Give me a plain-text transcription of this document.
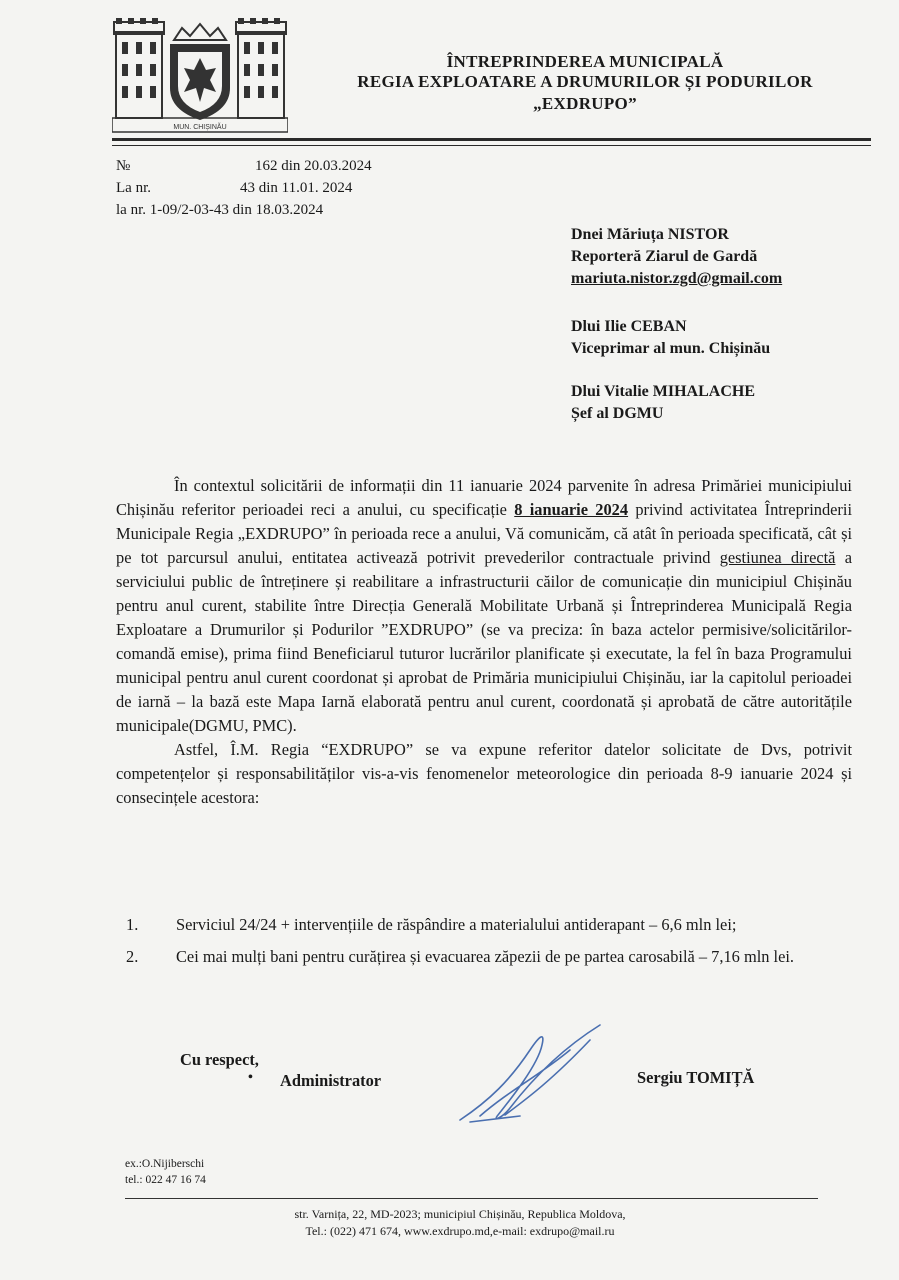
MUN. CHIȘINĂU
ÎNTREPRINDEREA MUNICIPALĂ
REGIA EXPLOATARE A DRUMURILOR ȘI PODURILOR
„EXDRUPO”
№	162 din 20.03.2024
La nr.	43 din 11.01. 2024
la nr. 1-09/2-03-43 din 18.03.2024
Dnei Măriuța NISTOR
Reporteră Ziarul de Gardă
mariuta.nistor.zgd@gmail.com
Dlui Ilie CEBAN
Viceprimar al mun. Chișinău
Dlui Vitalie MIHALACHE
Șef al DGMU

În contextul solicitării de informații din 11 ianuarie 2024 parvenite în adresa Primăriei municipiului Chișinău referitor perioadei reci a anului, cu specificație 8 ianuarie 2024 privind activitatea Întreprinderii Municipale Regia „EXDRUPO” în perioada rece a anului, Vă comunicăm, că atât în perioada specificată, cât și pe tot parcursul anului, entitatea activează potrivit prevederilor contractuale privind gestiunea directă a serviciului public de întreținere și reabilitare a infrastructurii căilor de comunicație din municipiul Chișinău pentru anul curent, stabilite între Direcția Generală Mobilitate Urbană și Întreprinderea Municipală Regia Exploatare a Drumurilor și Podurilor ”EXDRUPO” (se va preciza: în baza actelor permisive/solicitărilor-comandă emise), prima fiind Beneficiarul tuturor lucrărilor planificate și executate, la fel în baza Programului municipal pentru anul curent coordonat și aprobat de Primăria municipiului Chișinău, iar la capitolul perioadei de iarnă – la bază este Mapa Iarnă elaborată pentru anul curent, coordonată și aprobată de către autoritățile municipale(DGMU, PMC).

Astfel, Î.M. Regia “EXDRUPO” se va expune referitor datelor solicitate de Dvs, potrivit competențelor și responsabilităților vis-a-vis fenomenelor meteorologice din perioada 8-9 ianuarie 2024 și consecințele acestora:

1. Serviciul 24/24 + intervențiile de răspândire a materialului antiderapant – 6,6 mln lei;
2. Cei mai mulți bani pentru curățirea și evacuarea zăpezii de pe partea carosabilă – 7,16 mln lei.
Cu respect,
• Administrator	Sergiu TOMIȚĂ
ex.:O.Nijiberschi
tel.: 022 47 16 74
str. Varnița, 22, MD-2023; municipiul Chișinău, Republica Moldova,
Tel.: (022) 471 674, www.exdrupo.md,e-mail: exdrupo@mail.ru
